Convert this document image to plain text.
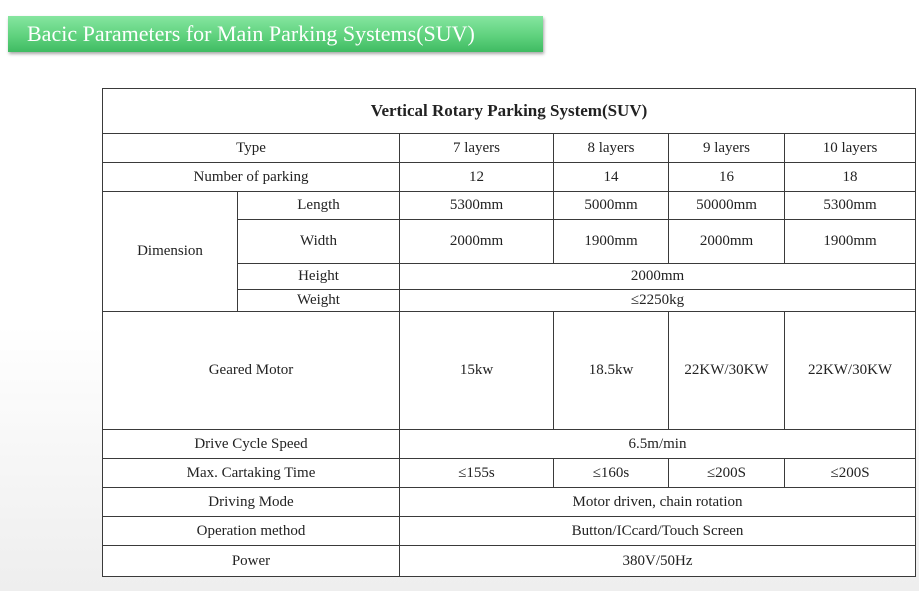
Bacic Parameters for Main Parking Systems(SUV)
Vertical Rotary Parking System(SUV)					
Type		7 layers	8 layers	9 layers	10 layers
Number of parking		12	14	16	18
Dimension	Length	5300mm	5000mm	50000mm	5300mm
	Width	2000mm	1900mm	2000mm	1900mm
	Height	2000mm			
	Weight	≤2250kg			
Geared Motor		15kw	18.5kw	22KW/30KW	22KW/30KW
Drive Cycle Speed		6.5m/min			
Max. Cartaking Time		≤155s	≤160s	≤200S	≤200S
Driving Mode		Motor driven, chain rotation			
Operation method		Button/ICcard/Touch Screen			
Power		380V/50Hz			
